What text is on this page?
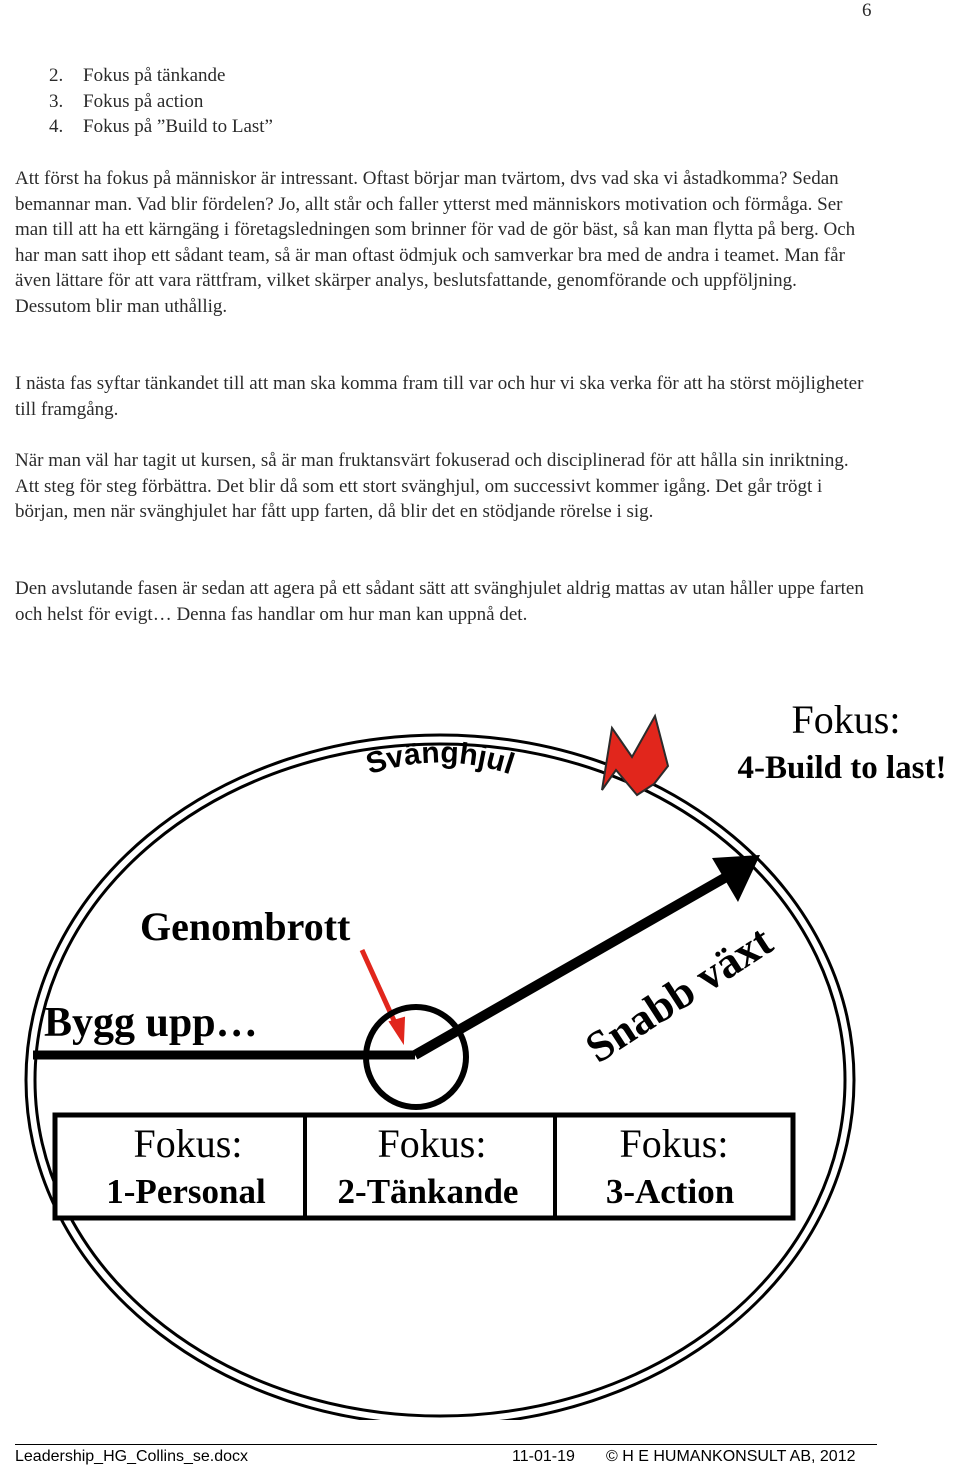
6
2.	Fokus på tänkande
3.	Fokus på action
4.	Fokus på ”Build to Last”

Att först ha fokus på människor är intressant. Oftast börjar man tvärtom, dvs vad ska vi åstadkomma? Sedan bemannar man. Vad blir fördelen? Jo, allt står och faller ytterst med människors motivation och förmåga. Ser man till att ha ett kärngäng i företagsledningen som brinner för vad de gör bäst, så kan man flytta på berg. Och har man satt ihop ett sådant team, så är man oftast ödmjuk och samverkar bra med de andra i teamet. Man får även lättare för att vara rättfram, vilket skärper analys, beslutsfattande, genomförande och uppföljning. Dessutom blir man uthållig.

I nästa fas syftar tänkandet till att man ska komma fram till var och hur vi ska verka för att ha störst möjligheter till framgång.

När man väl har tagit ut kursen, så är man fruktansvärt fokuserad och disciplinerad för att hålla sin inriktning. Att steg för steg förbättra. Det blir då som ett stort svänghjul, om successivt kommer igång. Det går trögt i början, men när svänghjulet har fått upp farten, då blir det en stödjande rörelse i sig.

Den avslutande fasen är sedan att agera på ett sådant sätt att svänghjulet aldrig mattas av utan håller uppe farten och helst för evigt… Denna fas handlar om hur man kan uppnå det.

Svänghjul
Fokus:
4-Build to last!
Genombrott
Bygg upp…	Snabb växt
Fokus:
1-Personal
Fokus:
2-Tänkande
Fokus:
3-Action
Leadership_HG_Collins_se.docx	11-01-19 © H E HUMANKONSULT AB, 2012
